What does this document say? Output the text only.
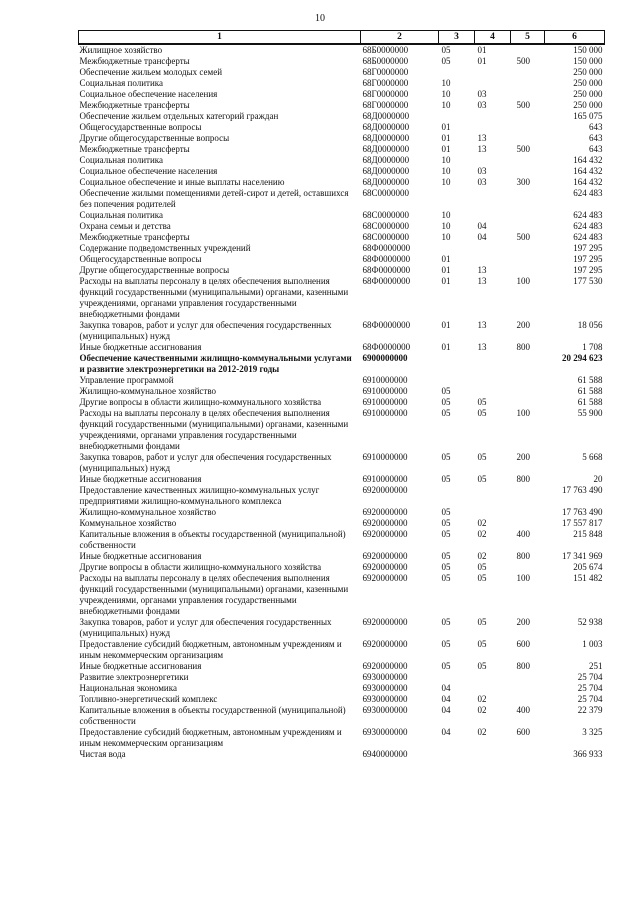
10
1	2	3	4	5	6
Жилищное хозяйство	68Б0000000	05	01		150 000
Межбюджетные трансферты	68Б0000000	05	01	500	150 000
Обеспечение жильем молодых семей	68Г0000000				250 000
Социальная политика	68Г0000000	10			250 000
Социальное обеспечение населения	68Г0000000	10	03		250 000
Межбюджетные трансферты	68Г0000000	10	03	500	250 000
Обеспечение жильем отдельных категорий граждан	68Д0000000				165 075
Общегосударственные вопросы	68Д0000000	01			643
Другие общегосударственные вопросы	68Д0000000	01	13		643
Межбюджетные трансферты	68Д0000000	01	13	500	643
Социальная политика	68Д0000000	10			164 432
Социальное обеспечение населения	68Д0000000	10	03		164 432
Социальное обеспечение и иные выплаты населению	68Д0000000	10	03	300	164 432
Обеспечение жилыми помещениями детей-сирот и детей, оставшихся без попечения родителей	68С0000000				624 483
Социальная политика	68С0000000	10			624 483
Охрана семьи и детства	68С0000000	10	04		624 483
Межбюджетные трансферты	68С0000000	10	04	500	624 483
Содержание подведомственных учреждений	68Ф0000000				197 295
Общегосударственные вопросы	68Ф0000000	01			197 295
Другие общегосударственные вопросы	68Ф0000000	01	13		197 295
Расходы на выплаты персоналу в целях обеспечения выполнения функций государственными (муниципальными) органами, казенными учреждениями, органами управления государственными внебюджетными фондами	68Ф0000000	01	13	100	177 530
Закупка товаров, работ и услуг для обеспечения государственных (муниципальных) нужд	68Ф0000000	01	13	200	18 056
Иные бюджетные ассигнования	68Ф0000000	01	13	800	1 708
Обеспечение качественными жилищно-коммунальными услугами и развитие электроэнергетики на 2012-2019 годы	6900000000				20 294 623
Управление программой	6910000000				61 588
Жилищно-коммунальное хозяйство	6910000000	05			61 588
Другие вопросы в области жилищно-коммунального хозяйства	6910000000	05	05		61 588
Расходы на выплаты персоналу в целях обеспечения выполнения функций государственными (муниципальными) органами, казенными учреждениями, органами управления государственными внебюджетными фондами	6910000000	05	05	100	55 900
Закупка товаров, работ и услуг для обеспечения государственных (муниципальных) нужд	6910000000	05	05	200	5 668
Иные бюджетные ассигнования	6910000000	05	05	800	20
Предоставление качественных жилищно-коммунальных услуг предприятиями жилищно-коммунального комплекса	6920000000				17 763 490
Жилищно-коммунальное хозяйство	6920000000	05			17 763 490
Коммунальное хозяйство	6920000000	05	02		17 557 817
Капитальные вложения в объекты государственной (муниципальной) собственности	6920000000	05	02	400	215 848
Иные бюджетные ассигнования	6920000000	05	02	800	17 341 969
Другие вопросы в области жилищно-коммунального хозяйства	6920000000	05	05		205 674
Расходы на выплаты персоналу в целях обеспечения выполнения функций государственными (муниципальными) органами, казенными учреждениями, органами управления государственными внебюджетными фондами	6920000000	05	05	100	151 482
Закупка товаров, работ и услуг для обеспечения государственных (муниципальных) нужд	6920000000	05	05	200	52 938
Предоставление субсидий бюджетным, автономным учреждениям и иным некоммерческим организациям	6920000000	05	05	600	1 003
Иные бюджетные ассигнования	6920000000	05	05	800	251
Развитие электроэнергетики	6930000000				25 704
Национальная экономика	6930000000	04			25 704
Топливно-энергетический комплекс	6930000000	04	02		25 704
Капитальные вложения в объекты государственной (муниципальной) собственности	6930000000	04	02	400	22 379
Предоставление субсидий бюджетным, автономным учреждениям и иным некоммерческим организациям	6930000000	04	02	600	3 325
Чистая вода	6940000000				366 933
